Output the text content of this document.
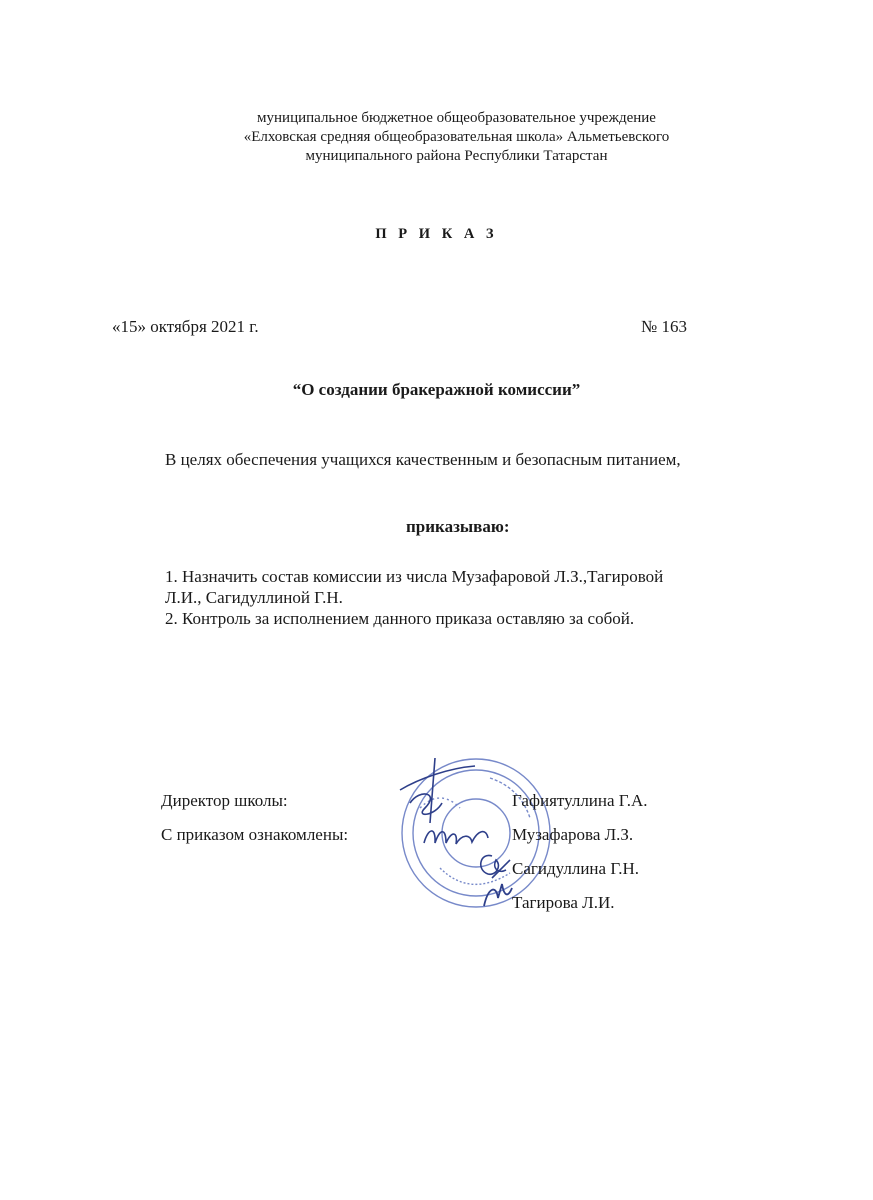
муниципальное бюджетное общеобразовательное учреждение
«Елховская средняя общеобразовательная школа» Альметьевского
муниципального района Республики Татарстан
П Р И К А З
«15» октября 2021 г.	№ 163
“О создании бракеражной комиссии”
В целях обеспечения учащихся качественным и безопасным питанием,
приказываю:

1. Назначить состав комиссии из числа Музафаровой Л.З.,Тагировой

Л.И., Сагидуллиной Г.Н.

2. Контроль за исполнением данного приказа оставляю за собой.

Директор школы:	Гафиятуллина Г.А.
С приказом ознакомлены:	Музафарова Л.З.
Сагидуллина Г.Н.
Тагирова Л.И.
